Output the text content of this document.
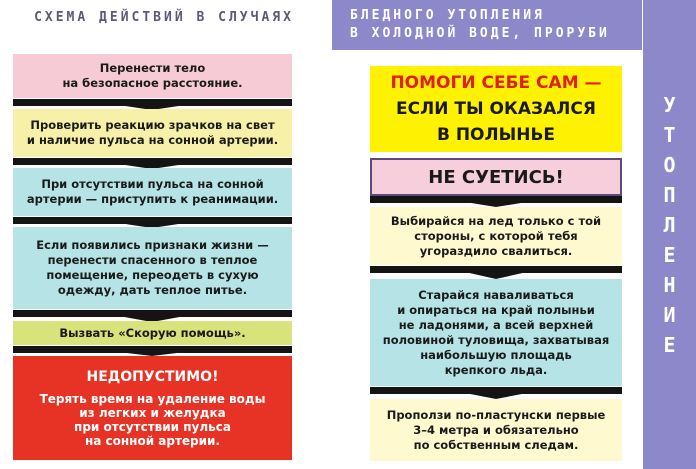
СХЕМА ДЕЙСТВИЙ В СЛУЧАЯХ	БЛЕДНОГО УТОПЛЕНИЯ
В ХОЛОДНОЙ ВОДЕ, ПРОРУБИ
УТОПЛЕНИЕ
Перенести тело
на безопасное расстояние.
Проверить реакцию зрачков на свет
и наличие пульса на сонной артерии.
При отсутствии пульса на сонной
артерии — приступить к реанимации.
Если появились признаки жизни —
перенести спасенного в теплое
помещение, переодеть в сухую
одежду, дать теплое питье.
Вызвать «Скорую помощь».
НЕДОПУСТИМО!
Терять время на удаление воды
из легких и желудка
при отсутствии пульса
на сонной артерии.
ПОМОГИ СЕБЕ САМ —
ЕСЛИ ТЫ ОКАЗАЛСЯ
В ПОЛЫНЬЕ
НЕ СУЕТИСЬ!
Выбирайся на лед только с той
стороны, с которой тебя
угораздило свалиться.
Старайся наваливаться
и опираться на край полыньи
не ладонями, а всей верхней
половиной туловища, захватывая
наибольшую площадь
крепкого льда.
Проползи по-пластунски первые
3–4 метра и обязательно
по собственным следам.
